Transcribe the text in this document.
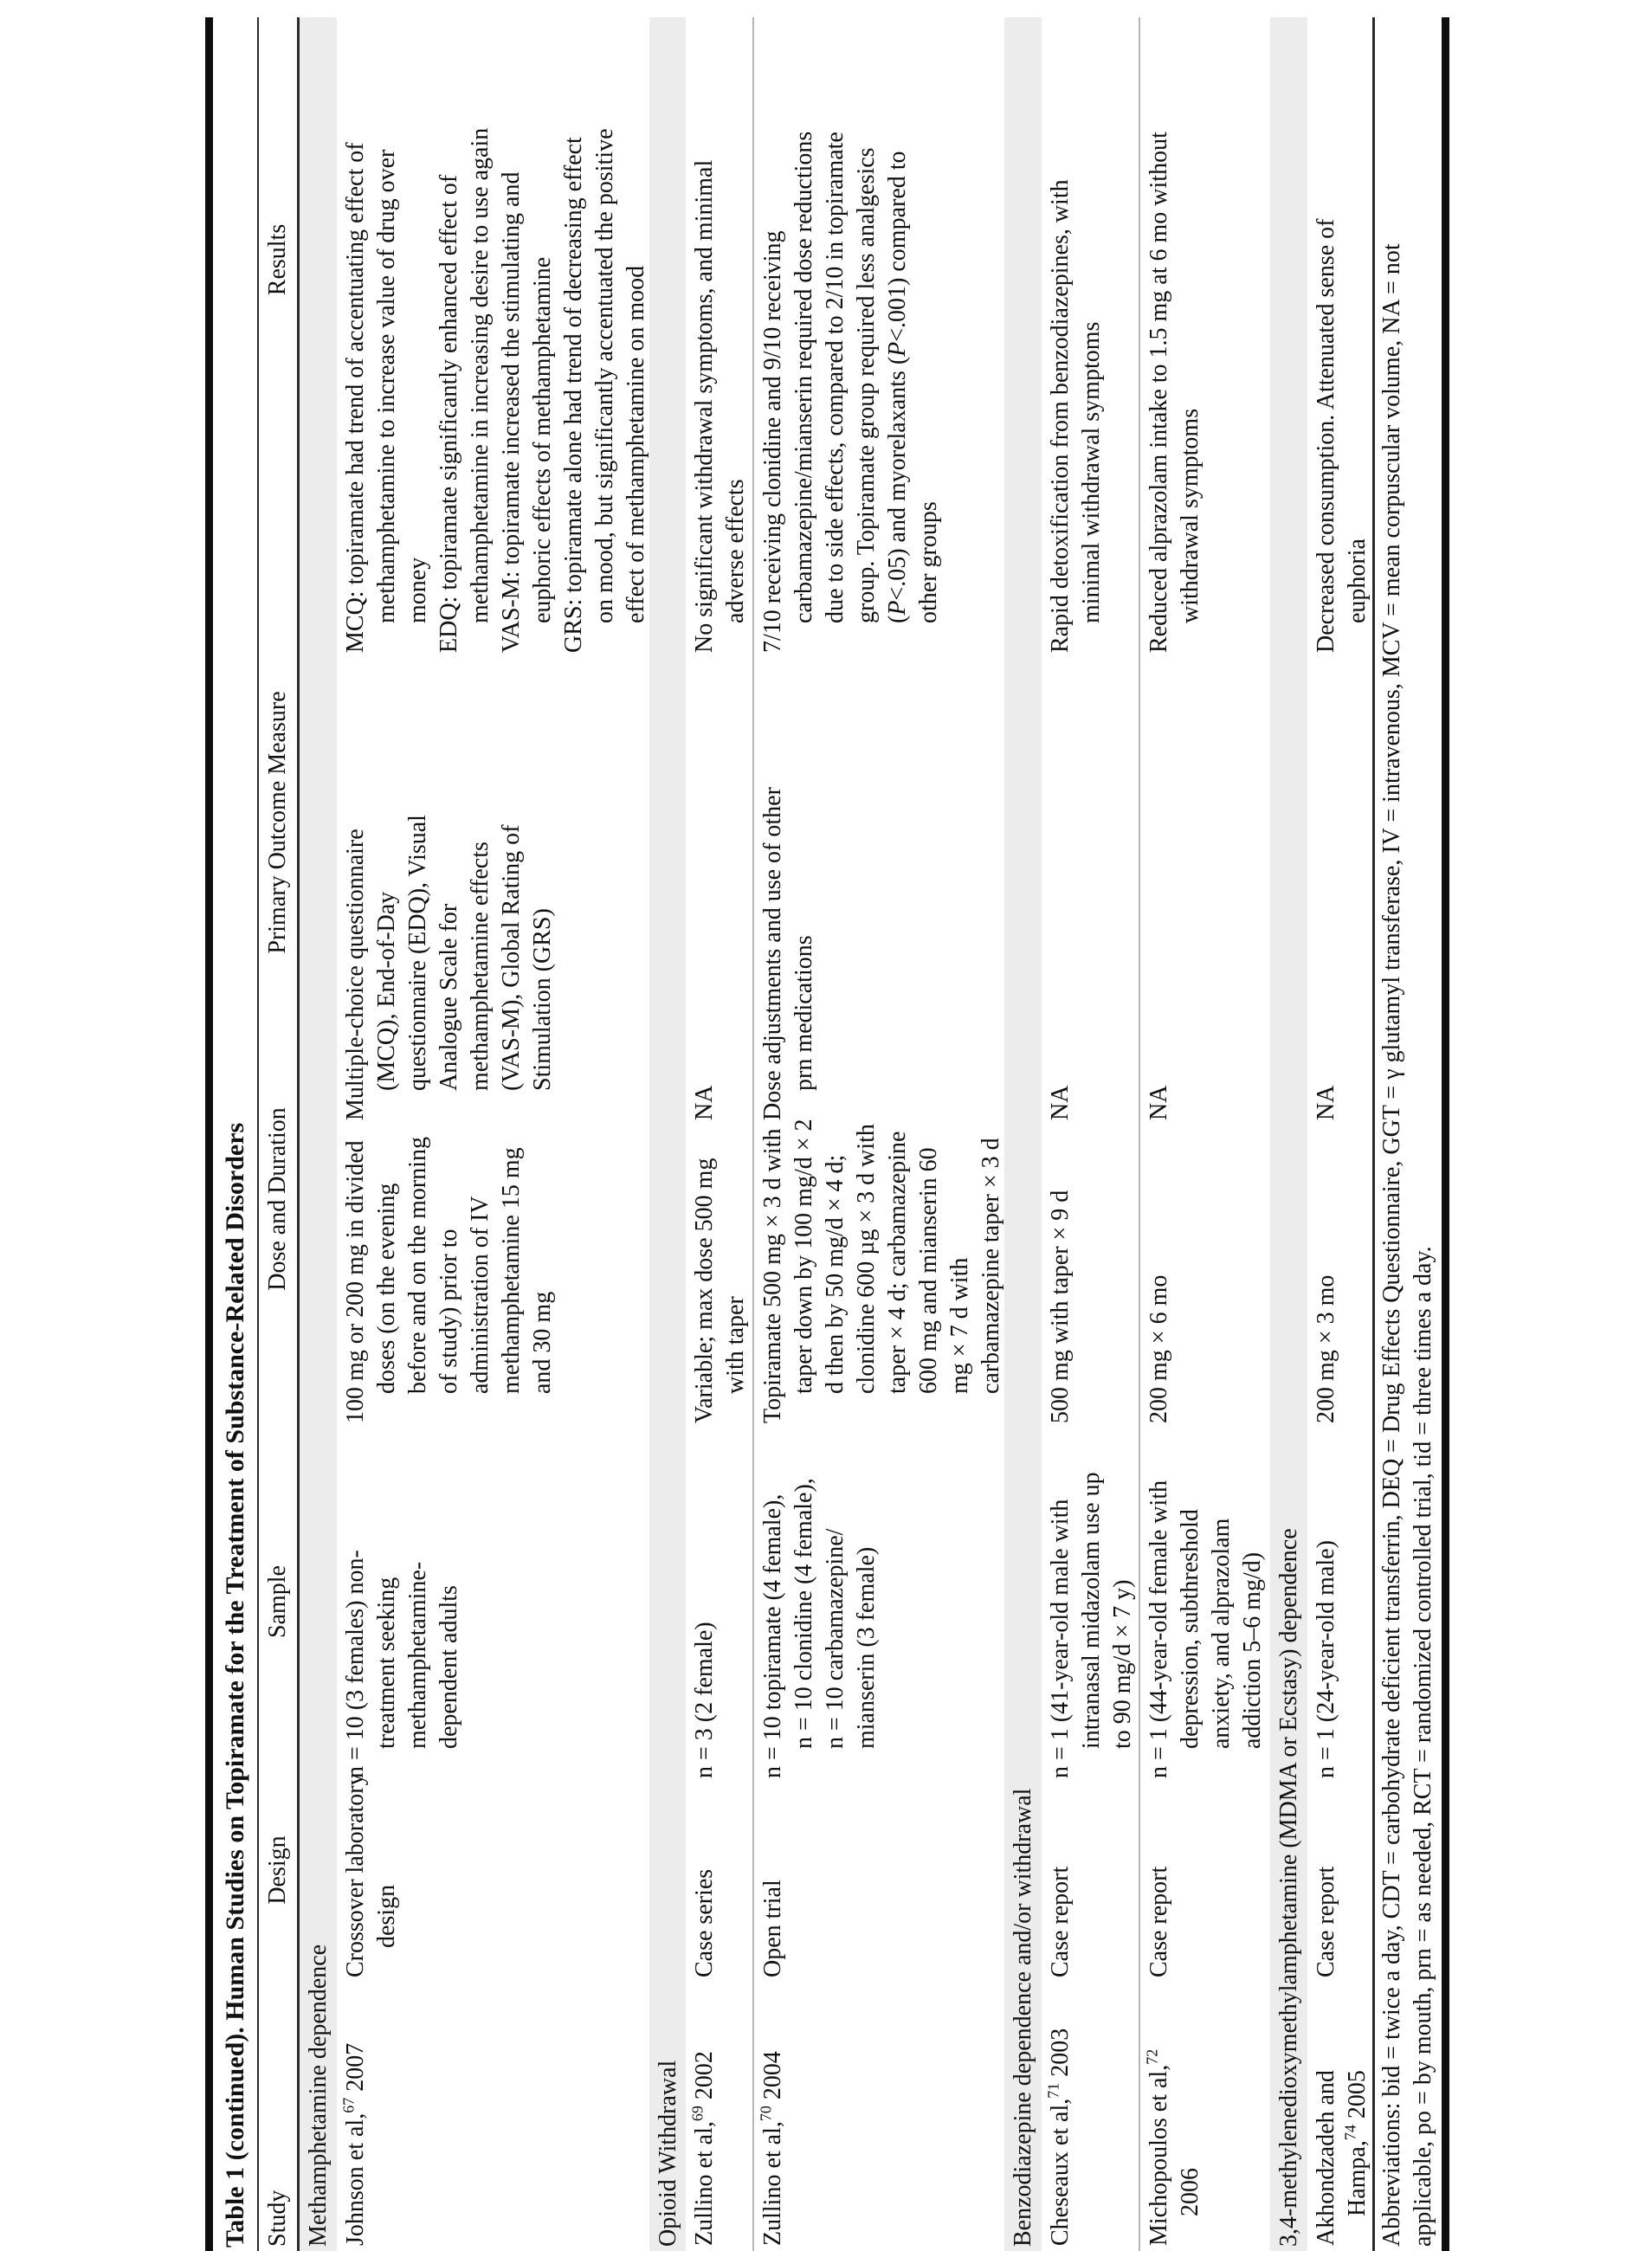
Table 1 (continued). Human Studies on Topiramate for the Treatment of Substance-Related Disorders Study
Design
Sample
Dose and Duration
Primary Outcome Measure
Results
Methamphetamine dependence Johnson et al,$^{67}$ 2007
Crossover laboratory design
n = 10 (3 females) non- treatment seeking methamphetamine- dependent adults
100 mg or 200 mg in divided doses (on the evening before and on the morning of study) prior to administration of IV methamphetamine 15 mg and 30 mg
Multiple-choice questionnaire (MCQ), End-of-Day questionnaire (EDQ), Visual Analogue Scale for methamphetamine effects (VAS-M), Global Rating of Stimulation (GRS)
MCQ: topiramate had trend of accentuating effect of methamphetamine to increase value of drug over money EDQ: topiramate significantly enhanced effect of methamphetamine in increasing desire to use again VAS-M: topiramate increased the stimulating and euphoric effects of methamphetamine GRS: topiramate alone had trend of decreasing effect on mood, but significantly accentuated the positive effect of methamphetamine on mood
Opioid Withdrawal Zullino et al,$^{69}$ 2002
Case series
n = 3 (2 female)
Variable; max dose 500 mg with taper
NA
No significant withdrawal symptoms, and minimal adverse effects
Zullino et al,$^{70}$ 2004
Open trial
n = 10 topiramate (4 female), n = 10 clonidine (4 female), n = 10 carbamazepine/ mianserin (3 female)
Topiramate 500 mg × 3 d with taper down by 100 mg/d × 2 d then by 50 mg/d × 4 d; clonidine 600 µg × 3 d with taper × 4 d; carbamazepine 600 mg and mianserin 60 mg × 7 d with carbamazepine taper × 3 d
Dose adjustments and use of other prn medications
7/10 receiving clonidine and 9/10 receiving carbamazepine/mianserin required dose reductions due to side effects, compared to 2/10 in topiramate group. Topiramate group required less analgesics (P<.05) and myorelaxants (P<.001) compared to
other groups
Benzodiazepine dependence and/or withdrawal Cheseaux et al,$^{71}$ 2003
Case report
n = 1 (41-year-old male with intranasal midazolam use up to 90 mg/d × 7 y)
500 mg with taper × 9 d
NA
Rapid detoxification from benzodiazepines, with minimal withdrawal symptoms
Michopoulos et al,$^{72}$
2006
Case report
n = 1 (44-year-old female with depression, subthreshold anxiety, and alprazolam addiction 5–6 mg/d)
200 mg × 6 mo
NA
Reduced alprazolam intake to 1.5 mg at 6 mo without withdrawal symptoms
3,4-methylenedioxymethylamphetamine (MDMA or Ecstasy) dependence Akhondzadeh and Hampa,$^{74}$ 2005
Case report
n = 1 (24-year-old male)
200 mg × 3 mo
NA
Decreased consumption. Attenuated sense of euphoria Abbreviations: bid = twice a day, CDT = carbohydrate deficient transferrin, DEQ = Drug Effects Questionnaire, GGT = γ glutamyl transferase, IV = intravenous, MCV = mean corpuscular volume, NA = not applicable, po = by mouth, prn = as needed, RCT = randomized controlled trial, tid = three times a day.
